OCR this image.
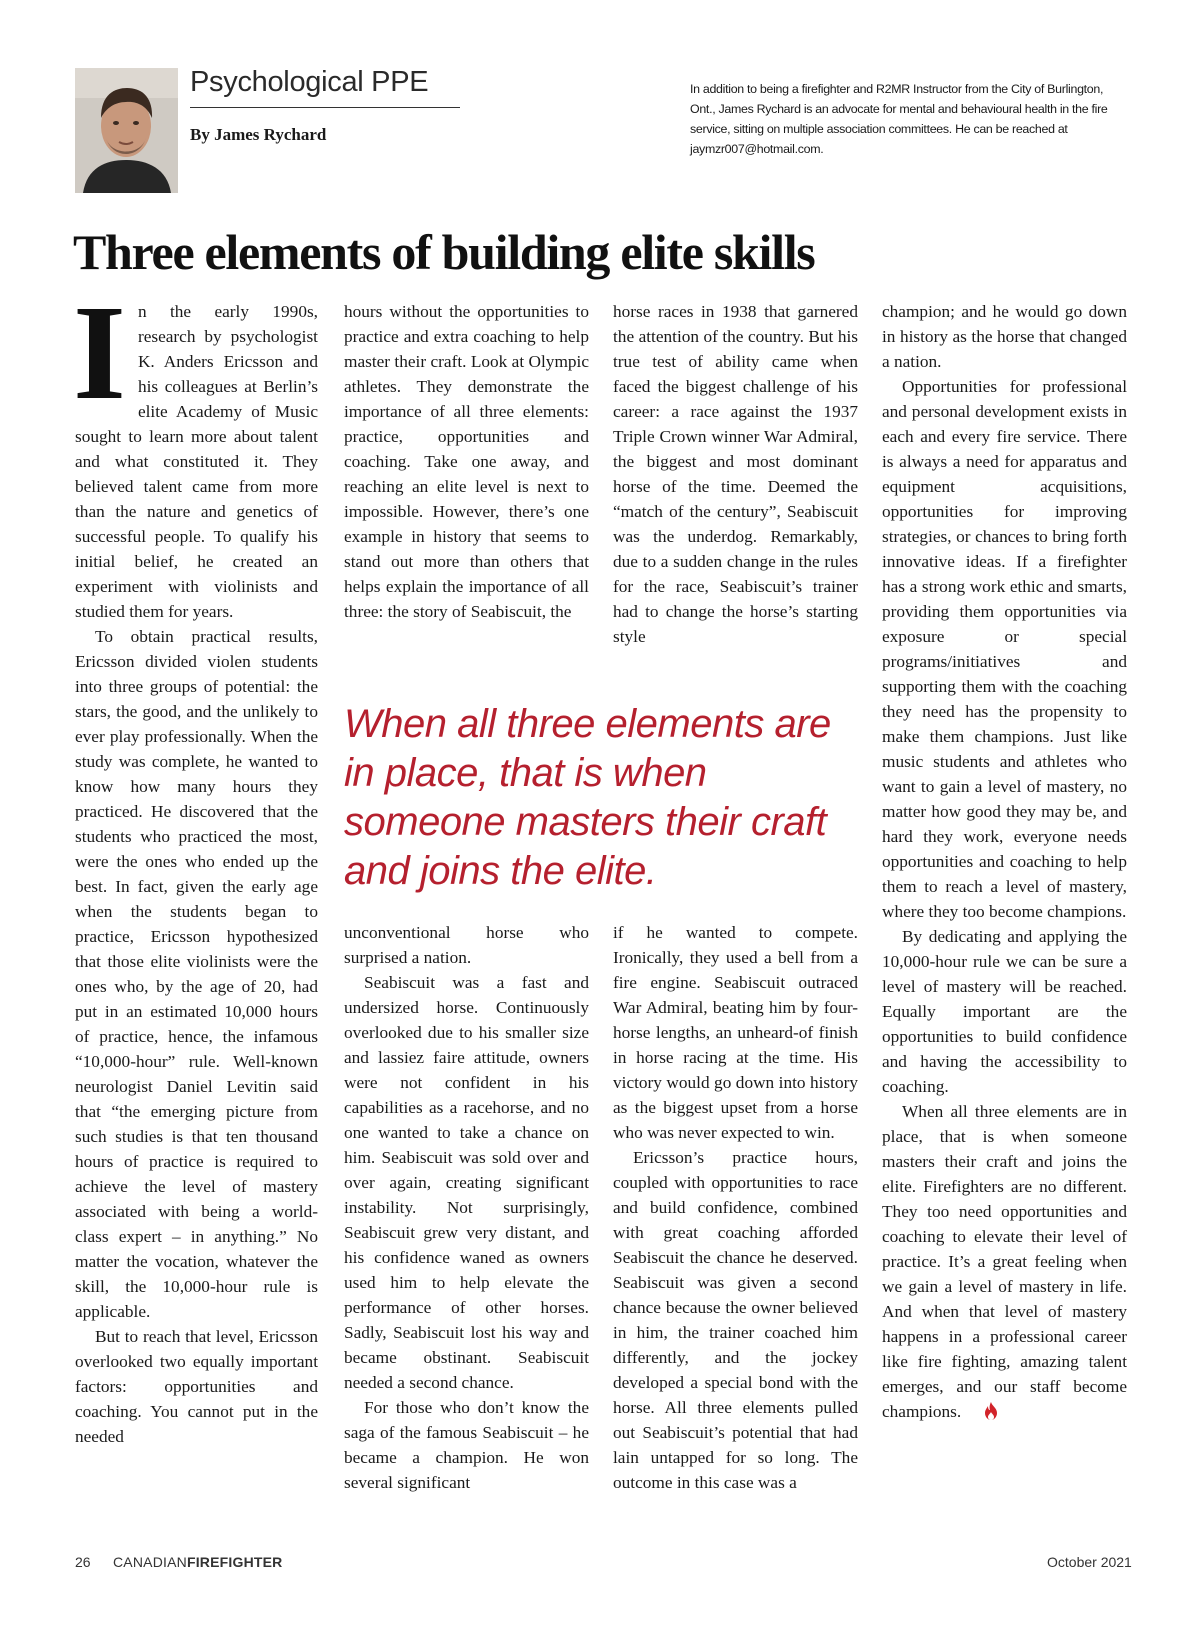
Psychological PPE
By James Rychard
In addition to being a firefighter and R2MR Instructor from the City of Burlington, Ont., James Rychard is an advocate for mental and behavioural health in the fire service, sitting on multiple association committees. He can be reached at jaymzr007@hotmail.com.
Three elements of building elite skills

In the early 1990s, research by psychologist K. Anders Ericsson and his colleagues at Berlin’s elite Academy of Music sought to learn more about talent and what constituted it. They believed talent came from more than the nature and genetics of successful people. To qualify his initial belief, he created an experiment with violinists and studied them for years.

To obtain practical results, Ericsson divided violen students into three groups of potential: the stars, the good, and the unlikely to ever play professionally. When the study was complete, he wanted to know how many hours they practiced. He discovered that the students who practiced the most, were the ones who ended up the best. In fact, given the early age when the students began to practice, Ericsson hypothesized that those elite violinists were the ones who, by the age of 20, had put in an estimated 10,000 hours of practice, hence, the infamous “10,000-hour” rule. Well-known neurologist Daniel Levitin said that “the emerging picture from such studies is that ten thousand hours of practice is required to achieve the level of mastery associated with being a world-class expert – in anything.” No matter the vocation, whatever the skill, the 10,000-hour rule is applicable.

But to reach that level, Ericsson overlooked two equally important factors: opportunities and coaching. You cannot put in the needed

hours without the opportunities to practice and extra coaching to help master their craft. Look at Olympic athletes. They demonstrate the importance of all three elements: practice, opportunities and coaching. Take one away, and reaching an elite level is next to impossible. However, there’s one example in history that seems to stand out more than others that helps explain the importance of all three: the story of Seabiscuit, the

horse races in 1938 that garnered the attention of the country. But his true test of ability came when faced the biggest challenge of his career: a race against the 1937 Triple Crown winner War Admiral, the biggest and most dominant horse of the time. Deemed the “match of the century”, Seabiscuit was the underdog. Remarkably, due to a sudden change in the rules for the race, Seabiscuit’s trainer had to change the horse’s starting style

When all three elements are in place, that is when someone masters their craft and joins the elite.

unconventional horse who surprised a nation.

Seabiscuit was a fast and undersized horse. Continuously overlooked due to his smaller size and lassiez faire attitude, owners were not confident in his capabilities as a racehorse, and no one wanted to take a chance on him. Seabiscuit was sold over and over again, creating significant instability. Not surprisingly, Seabiscuit grew very distant, and his confidence waned as owners used him to help elevate the performance of other horses. Sadly, Seabiscuit lost his way and became obstinant. Seabiscuit needed a second chance.

For those who don’t know the saga of the famous Seabiscuit – he became a champion. He won several significant

if he wanted to compete. Ironically, they used a bell from a fire engine. Seabiscuit outraced War Admiral, beating him by four-horse lengths, an unheard-of finish in horse racing at the time. His victory would go down into history as the biggest upset from a horse who was never expected to win.

Ericsson’s practice hours, coupled with opportunities to race and build confidence, combined with great coaching afforded Seabiscuit the chance he deserved. Seabiscuit was given a second chance because the owner believed in him, the trainer coached him differently, and the jockey developed a special bond with the horse. All three elements pulled out Seabiscuit’s potential that had lain untapped for so long. The outcome in this case was a

champion; and he would go down in history as the horse that changed a nation.

Opportunities for professional and personal development exists in each and every fire service. There is always a need for apparatus and equipment acquisitions, opportunities for improving strategies, or chances to bring forth innovative ideas. If a firefighter has a strong work ethic and smarts, providing them opportunities via exposure or special programs/initiatives and supporting them with the coaching they need has the propensity to make them champions. Just like music students and athletes who want to gain a level of mastery, no matter how good they may be, and hard they work, everyone needs opportunities and coaching to help them to reach a level of mastery, where they too become champions.

By dedicating and applying the 10,000-hour rule we can be sure a level of mastery will be reached. Equally important are the opportunities to build confidence and having the accessibility to coaching.

When all three elements are in place, that is when someone masters their craft and joins the elite. Firefighters are no different. They too need opportunities and coaching to elevate their level of practice. It’s a great feeling when we gain a level of mastery in life. And when that level of mastery happens in a professional career like fire fighting, amazing talent emerges, and our staff become champions.

26 CANADIANFIREFIGHTER	October 2021
